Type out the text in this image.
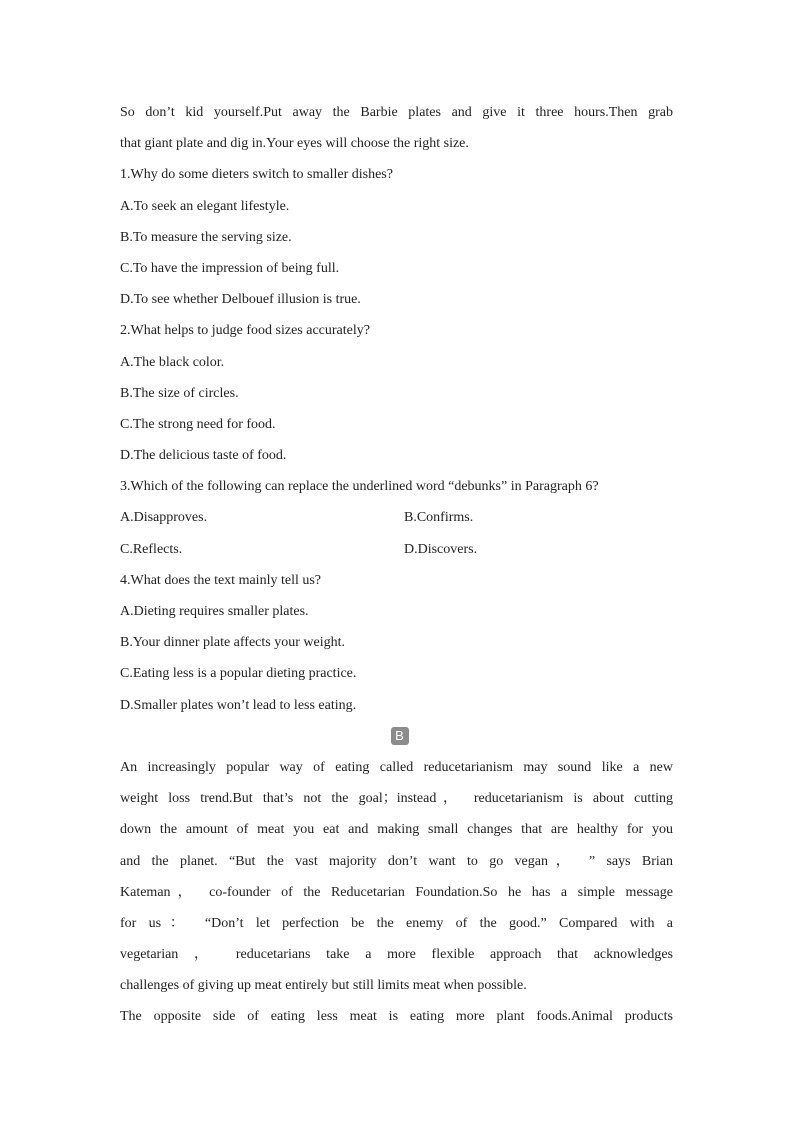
So don’t kid yourself.Put away the Barbie plates and give it three hours.Then grab
that giant plate and dig in.Your eyes will choose the right size.
1.Why do some dieters switch to smaller dishes?
A.To seek an elegant lifestyle.
B.To measure the serving size.
C.To have the impression of being full.
D.To see whether Delbouef illusion is true.
2.What helps to judge food sizes accurately?
A.The black color.
B.The size of circles.
C.The strong need for food.
D.The delicious taste of food.
3.Which of the following can replace the underlined word “debunks” in Paragraph 6?
A.Disapproves.	B.Confirms.
C.Reflects.	D.Discovers.
4.What does the text mainly tell us?
A.Dieting requires smaller plates.
B.Your dinner plate affects your weight.
C.Eating less is a popular dieting practice.
D.Smaller plates won’t lead to less eating.
B
An increasingly popular way of eating called reducetarianism may sound like a new
weight loss trend.But that’s not the goal；instead， reducetarianism is about cutting
down the amount of meat you eat and making small changes that are healthy for you
and the planet. “But the vast majority don’t want to go vegan， ” says Brian
Kateman， co-founder of the Reducetarian Foundation.So he has a simple message
for us： “Don’t let perfection be the enemy of the good.” Compared with a
vegetarian ， reducetarians take a more flexible approach that acknowledges
challenges of giving up meat entirely but still limits meat when possible.
The opposite side of eating less meat is eating more plant foods.Animal products
